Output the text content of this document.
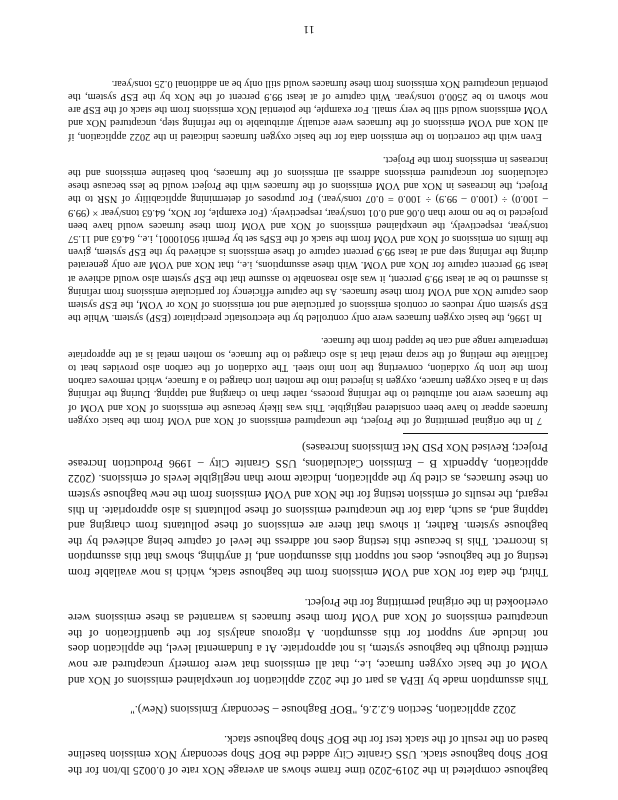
baghouse completed in the 2019-2020 time frame shows an average NOx rate of 0.0025 lb/ton for the BOF Shop baghouse stack. USS Granite City added the BOF Shop secondary NOx emission baseline based on the result of the stack test for the BOF Shop baghouse stack.

2022 application, Section 6.2.2.6, "BOF Baghouse – Secondary Emissions (New)."

This assumption made by IEPA as part of the 2022 application for unexplained emissions of NOx and VOM of the basic oxygen furnace, i.e., that all emissions that were formerly uncaptured are now emitted through the baghouse system, is not appropriate. At a fundamental level, the application does not include any support for this assumption. A rigorous analysis for the quantification of the uncaptured emissions of NOx and VOM from these furnaces is warranted as these emissions were overlooked in the original permitting for the Project.

Third, the data for NOx and VOM emissions from the baghouse stack, which is now available from testing of the baghouse, does not support this assumption and, if anything, shows that this assumption is incorrect. This is because this testing does not address the level of capture being achieved by the baghouse system. Rather, it shows that there are emissions of these pollutants from charging and tapping and, as such, data for the uncaptured emissions of these pollutants is also appropriate. In this regard, the results of emission testing for the NOx and VOM emissions from the new baghouse system on these furnaces, as cited by the application, indicate more than negligible levels of emissions. (2022 application, Appendix B – Emission Calculations, USS Granite City – 1996 Production Increase Project; Revised NOx PSD Net Emissions Increases)

7 In the original permitting of the Project, the uncaptured emissions of NOx and VOM from the basic oxygen furnaces appear to have been considered negligible. This was likely because the emissions of NOx and VOM of the furnaces were not attributed to the refining process, rather than to charging and tapping. During the refining step in a basic oxygen furnace, oxygen is injected into the molten iron charged to a furnace, which removes carbon from the iron by oxidation, converting the iron into steel. The oxidation of the carbon also provides heat to facilitate the melting of the scrap metal that is also charged to the furnace, so molten metal is at the appropriate temperature range and can be tapped from the furnace.

In 1996, the basic oxygen furnaces were only controlled by the electrostatic precipitator (ESP) system. While the ESP system only reduces or controls emissions of particulate and not emissions of NOx or VOM, the ESP system does capture NOx and VOM from these furnaces. As the capture efficiency for particulate emissions from refining is assumed to be at least 99.9 percent, it was also reasonable to assume that the ESP system also would achieve at least 99 percent capture for NOx and VOM. With these assumptions, i.e., that NOx and VOM are only generated during the refining step and at least 99.9 percent capture of these emissions is achieved by the ESP system, given the limits on emissions of NOx and VOM from the stack of the ESPs set by Permit 95010001, i.e., 64.63 and 11.57 tons/year, respectively, the unexplained emissions of NOx and VOM from these furnaces would have been projected to be no more than 0.06 and 0.01 tons/year, respectively. (For example, for NOx, 64.63 tons/year × (99.9 – 100.0) ÷ (100.0 – 99.9) ÷ 100.0 = 0.07 tons/year.) For purposes of determining applicability of NSR to the Project, the increases in NOx and VOM emissions of the furnaces with the Project would be less because these calculations for uncaptured emissions address all emissions of the furnaces, both baseline emissions and the increases in emissions from the Project.

Even with the correction to the emission data for the basic oxygen furnaces indicated in the 2022 application, if all NOx and VOM emissions of the furnaces were actually attributable to the refining step, uncaptured NOx and VOM emissions would still be very small. For example, the potential NOx emissions from the stack of the ESP are now shown to be 2500.0 tons/year. With capture of at least 99.9 percent of the NOx by the ESP system, the potential uncaptured NOx emissions from these furnaces would still only be an additional 0.25 tons/year.

11
